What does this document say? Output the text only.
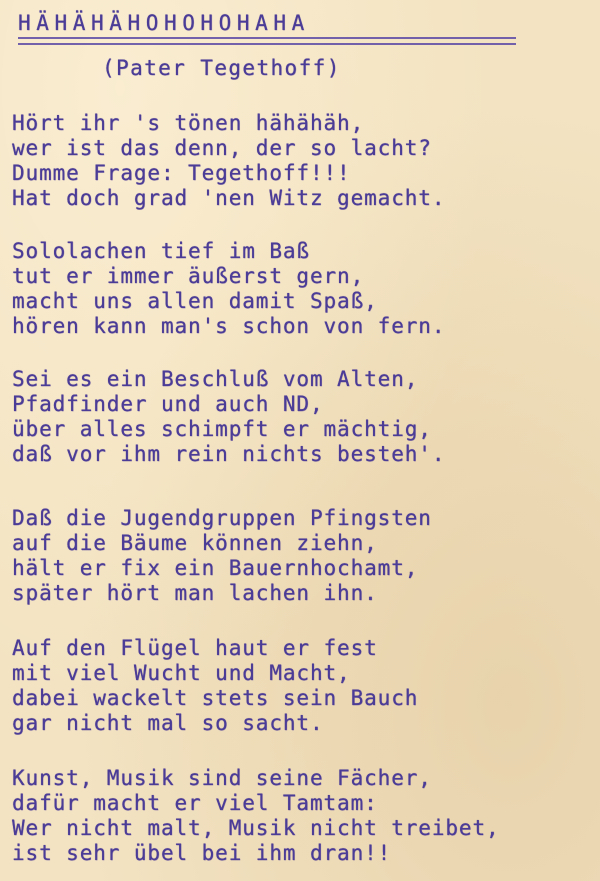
HÄHÄHÄHOHOHOHAHA
(Pater Tegethoff)
Hört ihr 's tönen hähähäh,
wer ist das denn, der so lacht?
Dumme Frage: Tegethoff!!!
Hat doch grad 'nen Witz gemacht.
Sololachen tief im Baß
tut er immer äußerst gern,
macht uns allen damit Spaß,
hören kann man's schon von fern.
Sei es ein Beschluß vom Alten,
Pfadfinder und auch ND,
über alles schimpft er mächtig,
daß vor ihm rein nichts besteh'.
Daß die Jugendgruppen Pfingsten
auf die Bäume können ziehn,
hält er fix ein Bauernhochamt,
später hört man lachen ihn.
Auf den Flügel haut er fest
mit viel Wucht und Macht,
dabei wackelt stets sein Bauch
gar nicht mal so sacht.
Kunst, Musik sind seine Fächer,
dafür macht er viel Tamtam:
Wer nicht malt, Musik nicht treibet,
ist sehr übel bei ihm dran!!
